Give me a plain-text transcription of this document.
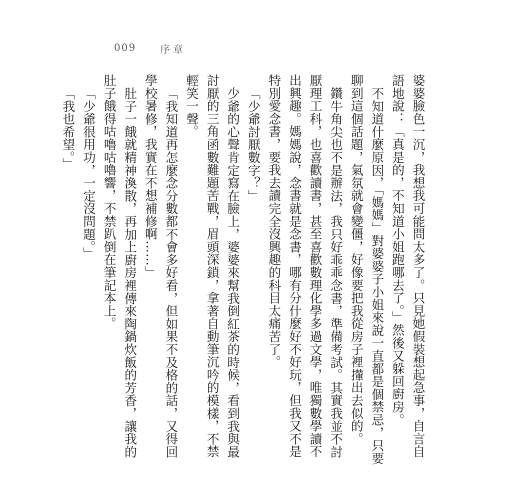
009 序章

婆婆臉色一沉，我想我可能問太多了。只見她假裝想起急事，自言自語地說：「真是的，不知道小姐跑哪去了。」然後又躲回廚房。

不知道什麼原因，「媽媽」對婆婆子小姐來說一直都是個禁忌，只要聊到這個話題，氣氛就會變僵，好像要把我從房子裡攆出去似的。

鑽牛角尖也不是辦法，我只好乖乖念書，準備考試。其實我並不討厭理工科，也喜歡讀書，甚至喜歡數理化學多過文學，唯獨數學讀不出興趣。媽媽說，念書就是念書，哪有分什麼好不好玩，但我又不是特別愛念書，要我去讀完全沒興趣的科目太痛苦了。

「少爺討厭數字？」

少爺的心聲肯定寫在臉上，婆婆來幫我倒紅茶的時候，看到我與最討厭的三角函數難題苦戰，眉頭深鎖，拿著自動筆沉吟的模樣，不禁輕笑一聲。

「我知道再怎麼念分數都不會多好看，但如果不及格的話，又得回學校暑修，我實在不想補修啊……」

肚子一餓就精神渙散，再加上廚房裡傳來陶鍋炊飯的芳香，讓我的肚子餓得咕嚕咕嚕響，不禁趴倒在筆記本上。

「少爺很用功，一定沒問題。」

「我也希望。」
